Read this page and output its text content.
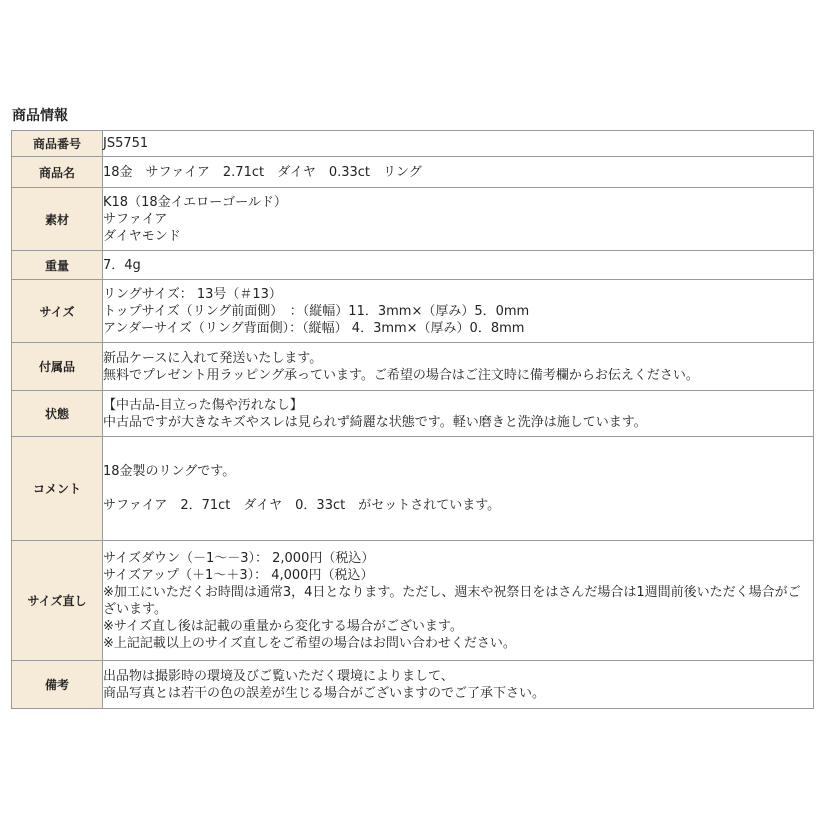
商品情報
商品番号	JS5751

商品名	18金　サファイア　2.71ct　ダイヤ　0.33ct　リング

素材	K18（18金イエローゴールド）
サファイア
ダイヤモンド

重量	7．4g

サイズ	リングサイズ： 13号（＃13）
トップサイズ（リング前面側）　：（縦幅）11．3mm×（厚み）5．0mm
アンダーサイズ（リング背面側）：（縦幅） 4．3mm×（厚み）0．8mm

付属品	新品ケースに入れて発送いたします。
無料でプレゼント用ラッピング承っています。ご希望の場合はご注文時に備考欄からお伝えください。

状態	【中古品-目立った傷や汚れなし】
中古品ですが大きなキズやスレは見られず綺麗な状態です。軽い磨きと洗浄は施しています。

コメント	18金製のリングです。
サファイア　2．71ct　ダイヤ　0．33ct　がセットされています。

サイズ直し	サイズダウン（－1～－3）： 2,000円（税込）
サイズアップ（＋1～＋3）： 4,000円（税込）
※加工にいただくお時間は通常3，4日となります。ただし、週末や祝祭日をはさんだ場合は1週間前後いただく場合がございます。
※サイズ直し後は記載の重量から変化する場合がございます。
※上記記載以上のサイズ直しをご希望の場合はお問い合わせください。

備考	出品物は撮影時の環境及びご覧いただく環境によりまして、
商品写真とは若干の色の誤差が生じる場合がございますのでご了承下さい。
